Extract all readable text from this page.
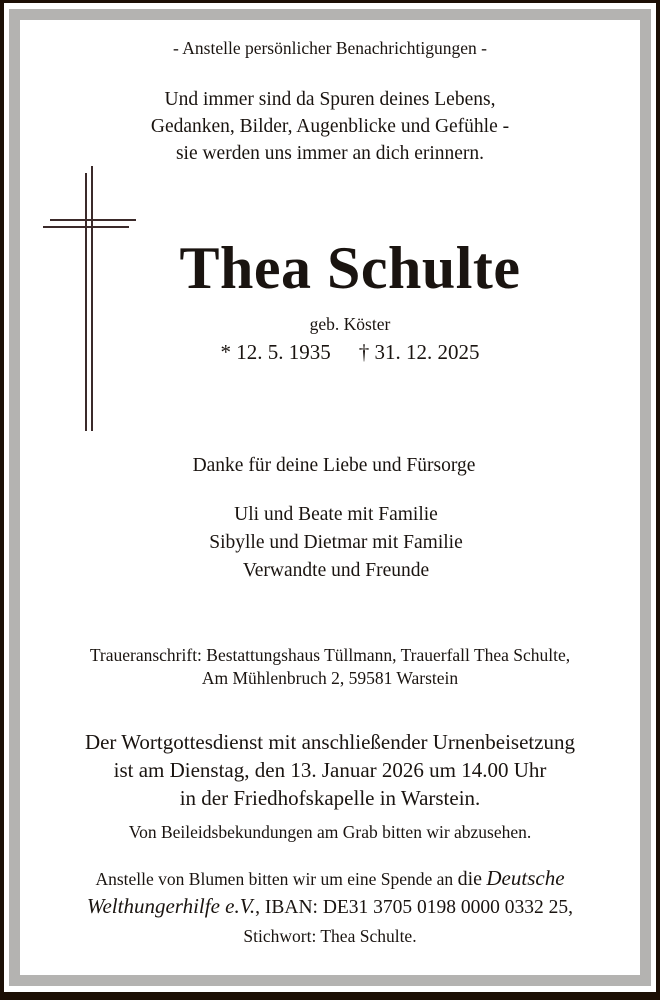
- Anstelle persönlicher Benachrichtigungen -
Und immer sind da Spuren deines Lebens,
Gedanken, Bilder, Augenblicke und Gefühle -
sie werden uns immer an dich erinnern.
Thea Schulte
geb. Köster
* 12. 5. 1935 † 31. 12. 2025
Danke für deine Liebe und Fürsorge
Uli und Beate mit Familie
Sibylle und Dietmar mit Familie
Verwandte und Freunde
Traueranschrift: Bestattungshaus Tüllmann, Trauerfall Thea Schulte,
Am Mühlenbruch 2, 59581 Warstein
Der Wortgottesdienst mit anschließender Urnenbeisetzung
ist am Dienstag, den 13. Januar 2026 um 14.00 Uhr
in der Friedhofskapelle in Warstein.
Von Beileidsbekundungen am Grab bitten wir abzusehen.
Anstelle von Blumen bitten wir um eine Spende an die Deutsche
Welthungerhilfe e.V., IBAN: DE31 3705 0198 0000 0332 25,
Stichwort: Thea Schulte.
